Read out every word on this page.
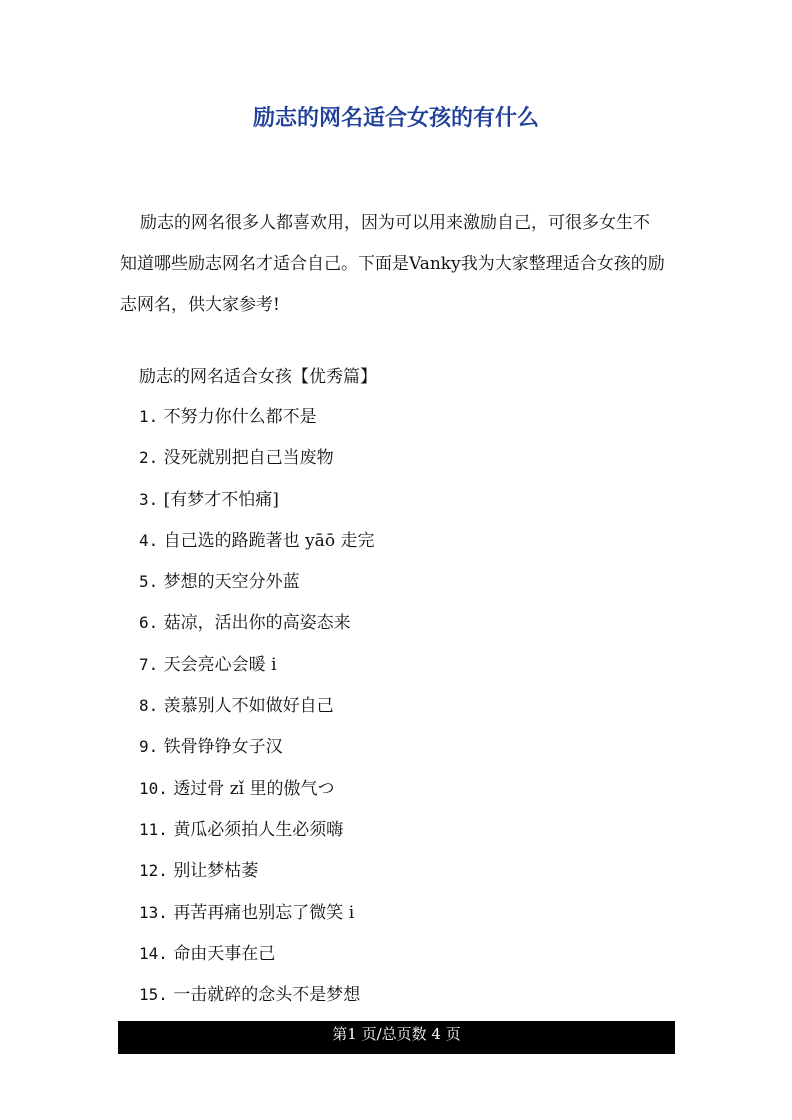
励志的网名适合女孩的有什么

励志的网名很多人都喜欢用，因为可以用来激励自己，可很多女生不知道哪些励志网名才适合自己。下面是Vanky我为大家整理适合女孩的励志网名，供大家参考!

励志的网名适合女孩【优秀篇】
1. 不努力你什么都不是
2. 没死就别把自己当废物
3. [有梦才不怕痛]
4. 自己选的路跪著也 yāō 走完
5. 梦想的天空分外蓝
6. 菇凉，活出你的高姿态来
7. 天会亮心会暖 i
8. 羡慕别人不如做好自己
9. 铁骨铮铮女子汉
10. 透过骨 zǐ 里的傲气つ
11. 黄瓜必须拍人生必须嗨
12. 别让梦枯萎
13. 再苦再痛也别忘了微笑 i
14. 命由天事在己
15. 一击就碎的念头不是梦想
第1 页/总页数 4 页
